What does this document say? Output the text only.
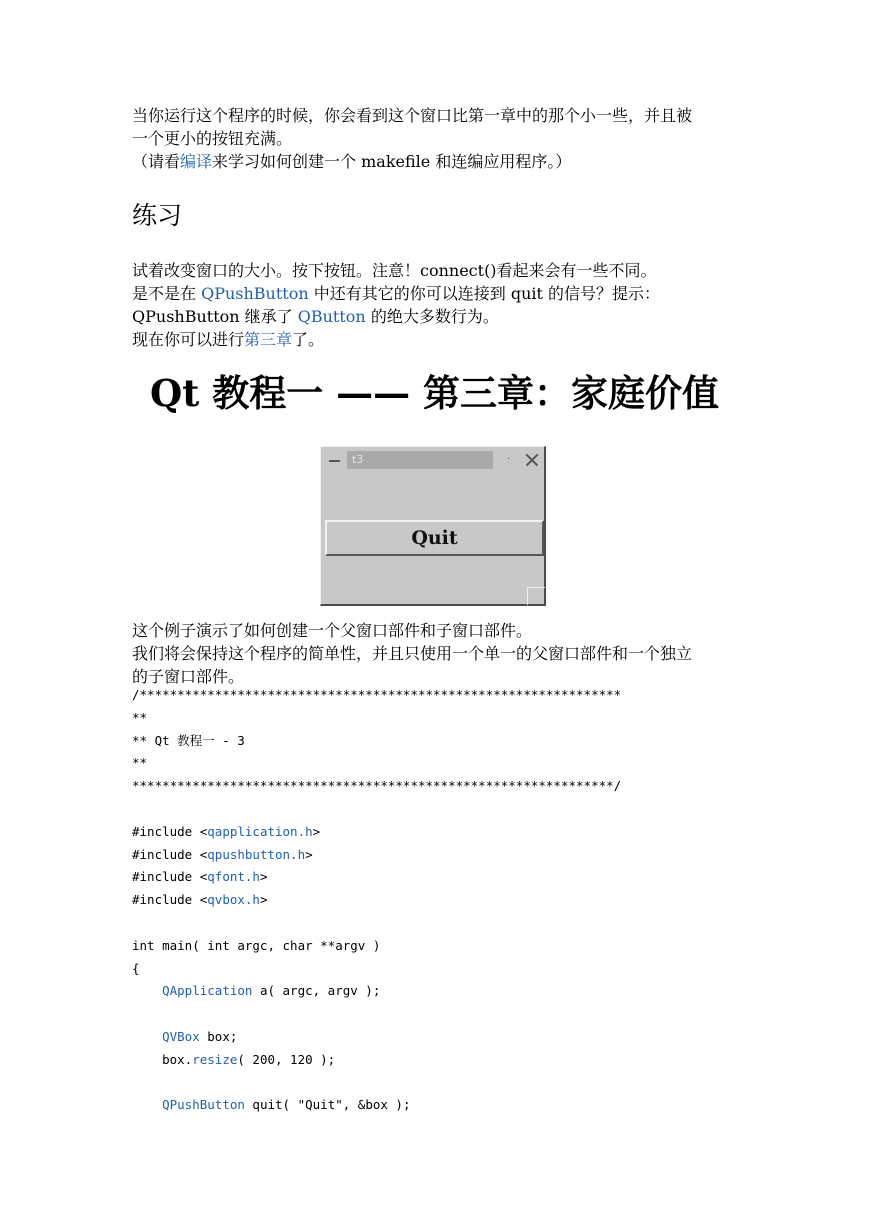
当你运行这个程序的时候，你会看到这个窗口比第一章中的那个小一些，并且被
一个更小的按钮充满。
（请看编译来学习如何创建一个 makefile 和连编应用程序。）

练习

试着改变窗口的大小。按下按钮。注意！connect()看起来会有一些不同。
是不是在 QPushButton 中还有其它的你可以连接到 quit 的信号？提示：
QPushButton 继承了 QButton 的绝大多数行为。
现在你可以进行第三章了。

Qt 教程一 —— 第三章：家庭价值
t3	·
Quit

这个例子演示了如何创建一个父窗口部件和子窗口部件。
我们将会保持这个程序的简单性，并且只使用一个单一的父窗口部件和一个独立
的子窗口部件。

/****************************************************************
**
** Qt 教程一 - 3
**
****************************************************************/
#include <qapplication.h>
#include <qpushbutton.h>
#include <qfont.h>
#include <qvbox.h>
int main( int argc, char **argv )
{
QApplication a( argc, argv );
QVBox box;
box.resize( 200, 120 );
QPushButton quit( "Quit", &box );
